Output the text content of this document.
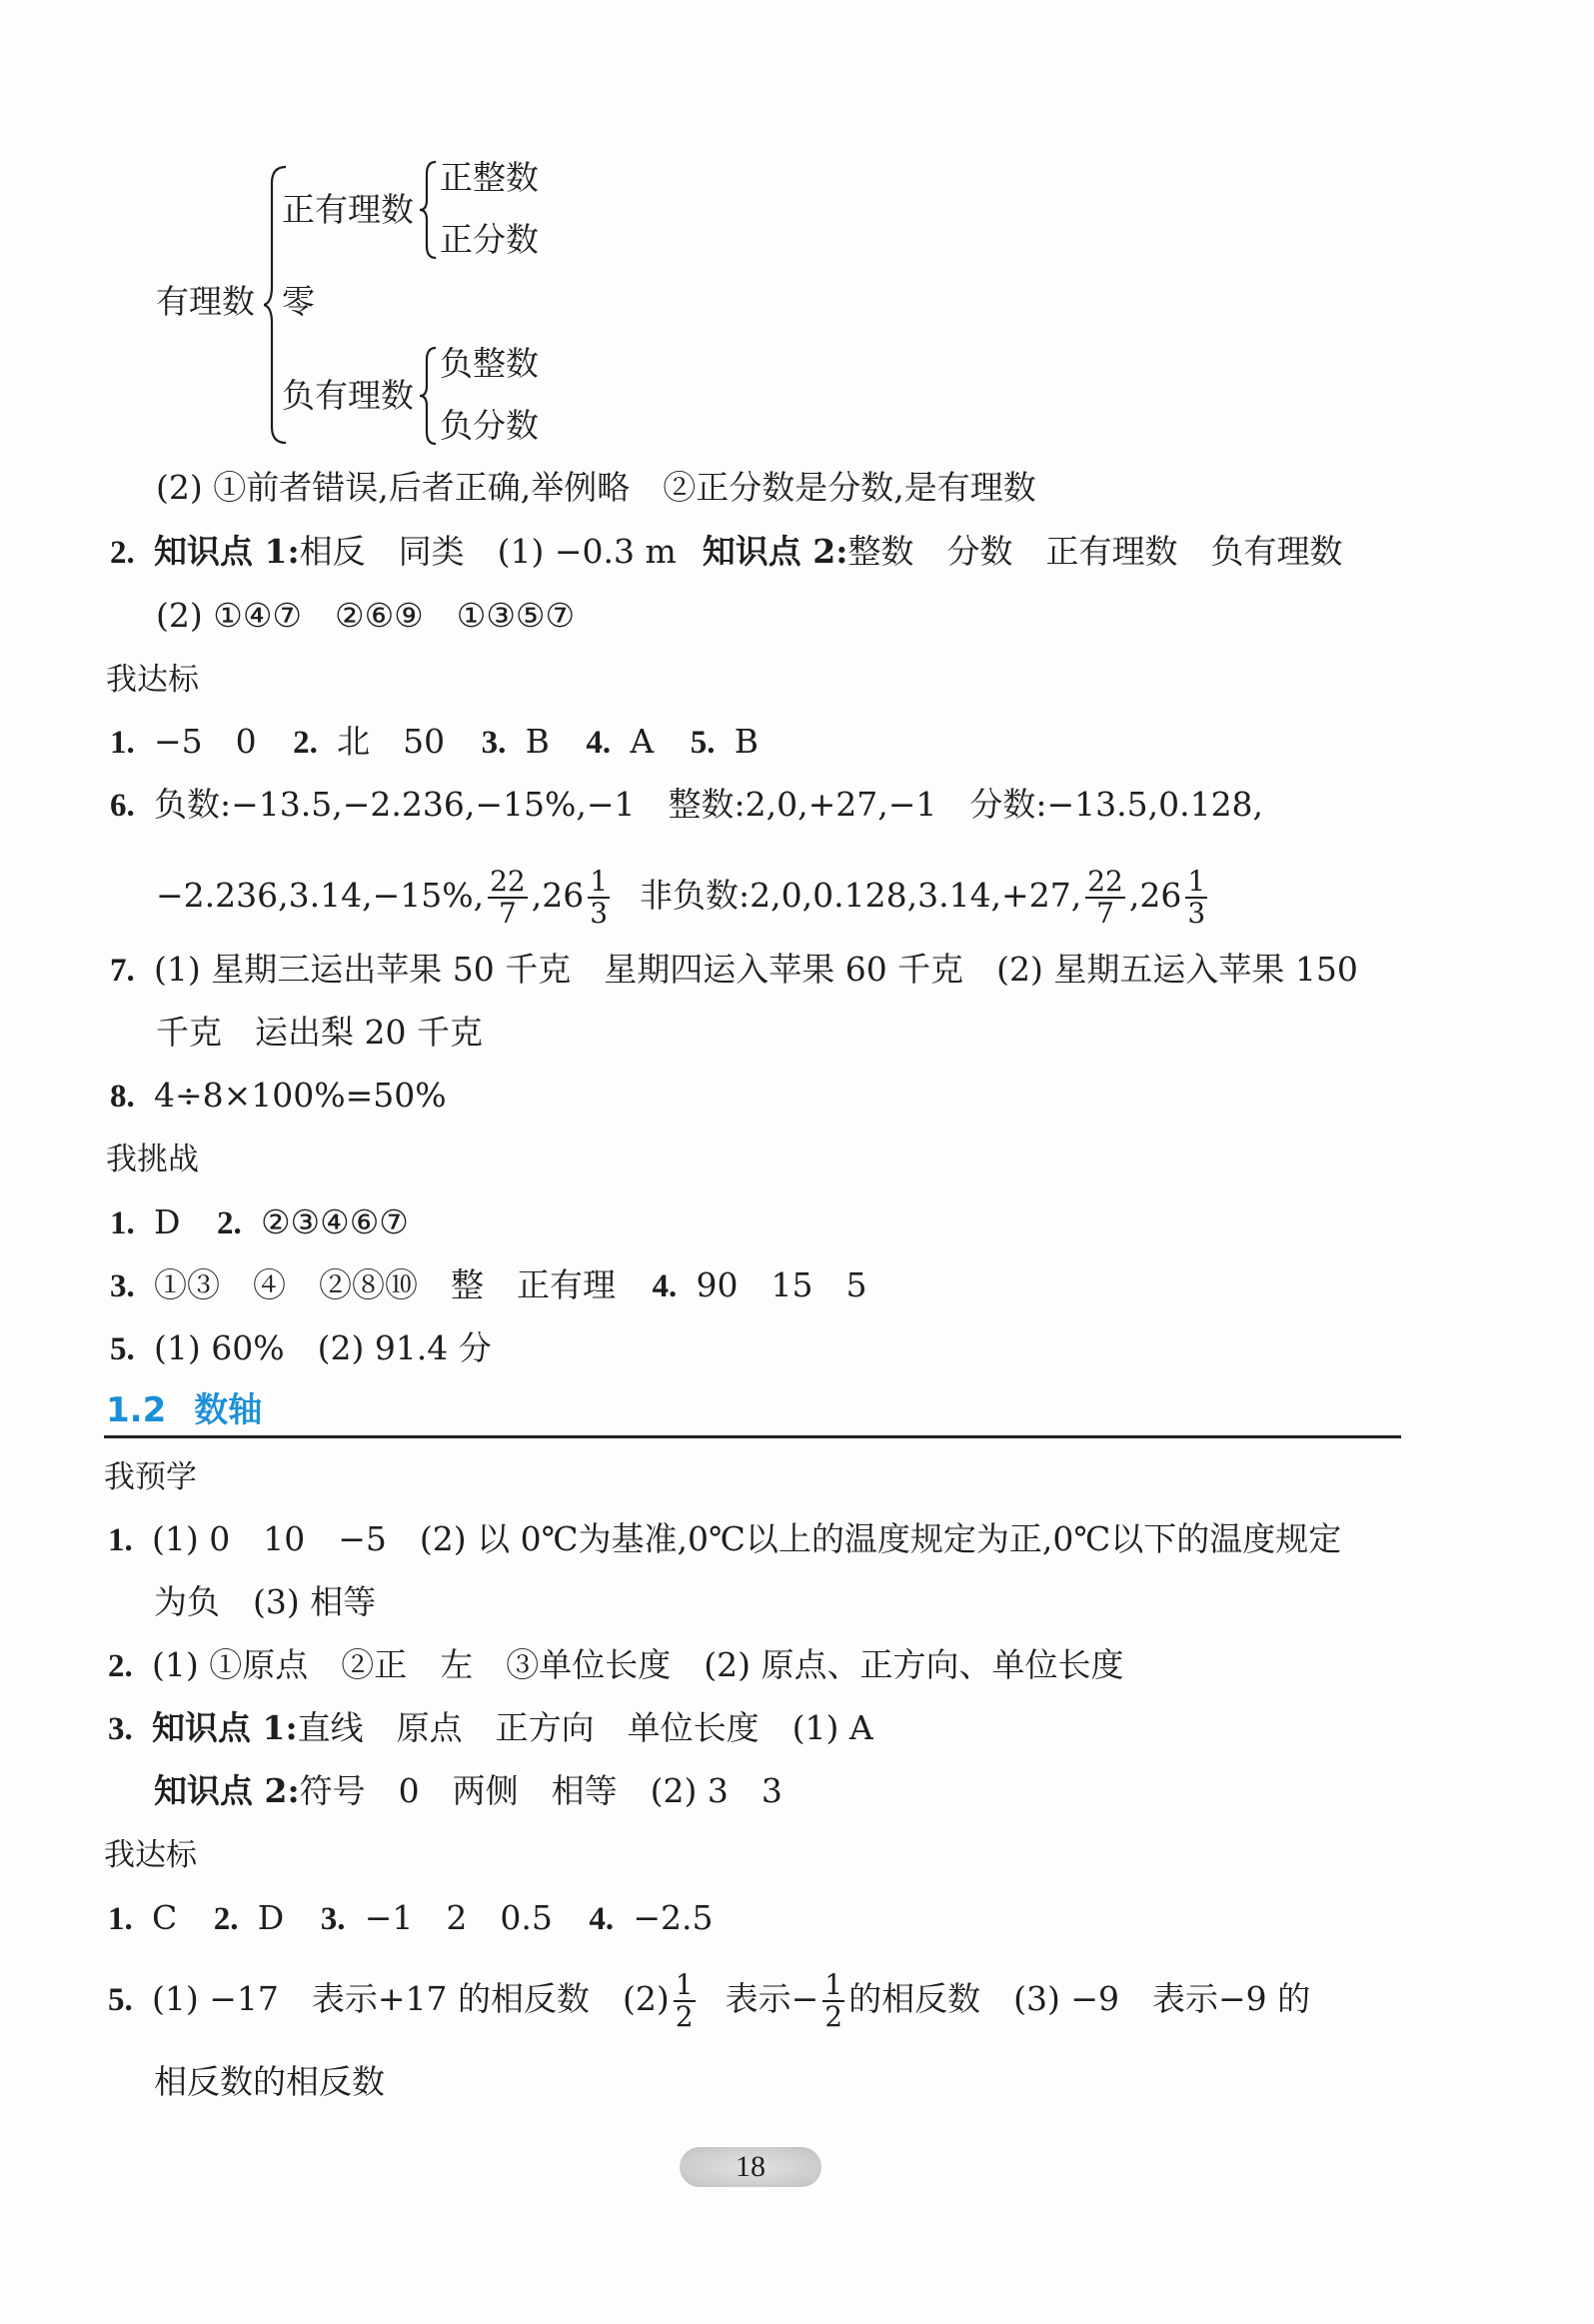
有理数
正有理数
正整数
正分数
零
负有理数
负整数
负分数
(2) ①前者错误,后者正确,举例略　②正分数是分数,是有理数
2. 知识点 1:相反　同类　(1) −0.3 m 知识点 2:整数　分数　正有理数　负有理数
(2) ①④⑦　②⑥⑨　①③⑤⑦
我达标
1. −5　0 2. 北　50 3. B 4. A 5. B
6. 负数:−13.5,−2.236,−15%,−1　整数:2,0,+27,−1　分数:−13.5,0.128,
−2.236,3.14,−15%, $\frac{22}{7} ,26 \frac{1}{3}$ 非负数:2,0,0.128,3.14,+27, $\frac{22}{7} ,26 \frac{1}{3}$
7. (1) 星期三运出苹果 50 千克　星期四运入苹果 60 千克　(2) 星期五运入苹果 150
千克　运出梨 20 千克
8. 4÷8×100%=50%
我挑战
1. D 2. ②③④⑥⑦
3. ①③　④　②⑧⑩　整　正有理 4. 90　15　5
5. (1) 60%　(2) 91.4 分
1.2 数轴
我预学
1. (1) 0　10　−5　(2) 以 0℃为基准,0℃以上的温度规定为正,0℃以下的温度规定
为负　(3) 相等
2. (1) ①原点　②正　左　③单位长度　(2) 原点、正方向、单位长度
3. 知识点 1:直线　原点　正方向　单位长度　(1) A
知识点 2:符号　0　两侧　相等　(2) 3　3
我达标
1. C 2. D 3. −1　2　0.5 4. −2.5
5. (1) −17　表示+17 的相反数　$(2) \frac{1}{2}$ 表示− $\frac{1}{2}$ 的相反数　(3) −9　表示−9 的
相反数的相反数
18
